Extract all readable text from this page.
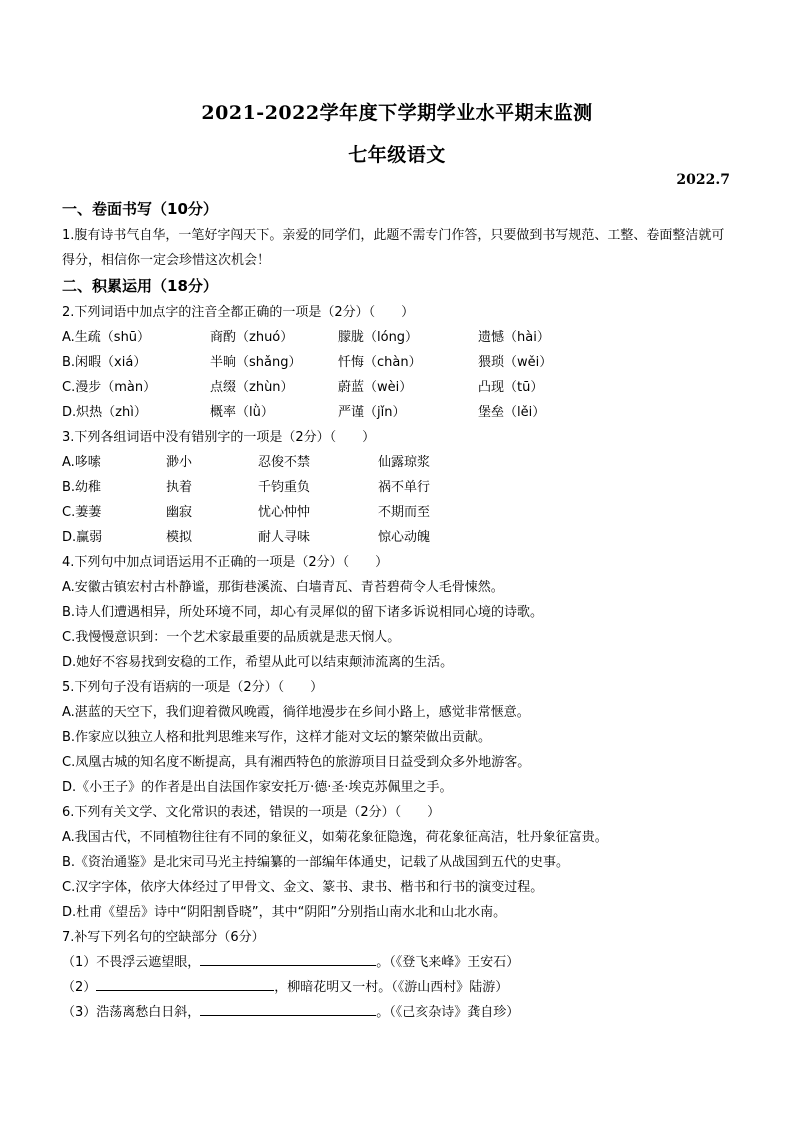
2021-2022学年度下学期学业水平期末监测
七年级语文
2022.7
一、卷面书写（10分）
1.腹有诗书气自华，一笔好字闯天下。亲爱的同学们，此题不需专门作答，只要做到书写规范、工整、卷面整洁就可得分，相信你一定会珍惜这次机会！
二、积累运用（18分）
2.下列词语中加点字的注音全都正确的一项是（2分）（　　）
A.生疏（shū）	商酌（zhuó）	朦胧（lóng）	遗憾（hài）
B.闲暇（xiá）	半晌（shǎng）	忏悔（chàn）	猥琐（wěi）
C.漫步（màn）	点缀（zhùn）	蔚蓝（wèi）	凸现（tū）
D.炽热（zhì）	概率（lǜ）	严谨（jǐn）	堡垒（lěi）
3.下列各组词语中没有错别字的一项是（2分）（　　）
A.哆嗦	渺小	忍俊不禁	仙露琼浆
B.幼稚	执着	千钧重负	祸不单行
C.萋萋	幽寂	忧心忡忡	不期而至
D.赢弱	模拟	耐人寻味	惊心动魄
4.下列句中加点词语运用不正确的一项是（2分）（　　）
A.安徽古镇宏村古朴静谧，那街巷溪流、白墙青瓦、青苔碧荷令人毛骨悚然。
B.诗人们遭遇相异，所处环境不同，却心有灵犀似的留下诸多诉说相同心境的诗歌。
C.我慢慢意识到：一个艺术家最重要的品质就是悲天悯人。
D.她好不容易找到安稳的工作，希望从此可以结束颠沛流离的生活。
5.下列句子没有语病的一项是（2分）（　　）
A.湛蓝的天空下，我们迎着微风晚霞，徜徉地漫步在乡间小路上，感觉非常惬意。
B.作家应以独立人格和批判思维来写作，这样才能对文坛的繁荣做出贡献。
C.凤凰古城的知名度不断提高，具有湘西特色的旅游项目日益受到众多外地游客。
D.《小王子》的作者是出自法国作家安托万·德·圣·埃克苏佩里之手。
6.下列有关文学、文化常识的表述，错误的一项是（2分）（　　）
A.我国古代，不同植物往往有不同的象征义，如菊花象征隐逸，荷花象征高洁，牡丹象征富贵。
B.《资治通鉴》是北宋司马光主持编纂的一部编年体通史，记载了从战国到五代的史事。
C.汉字字体，依序大体经过了甲骨文、金文、篆书、隶书、楷书和行书的演变过程。
D.杜甫《望岳》诗中“阴阳割昏晓”，其中“阴阳”分别指山南水北和山北水南。
7.补写下列名句的空缺部分（6分）
（1）不畏浮云遮望眼，	。（《登飞来峰》王安石）
（2）	，柳暗花明又一村。（《游山西村》陆游）
（3）浩荡离愁白日斜，	。（《己亥杂诗》龚自珍）
